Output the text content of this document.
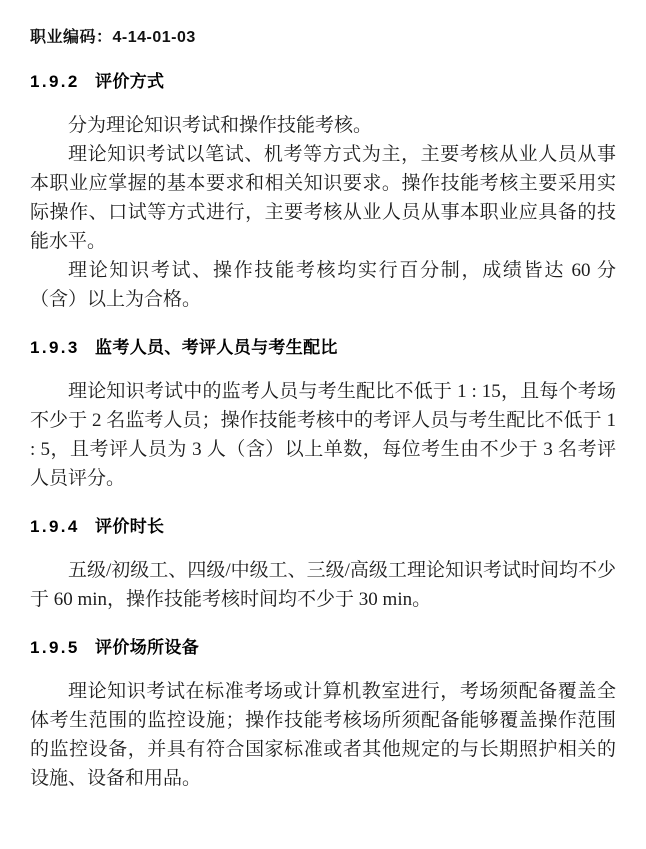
职业编码：4-14-01-03
1.9.2 评价方式

分为理论知识考试和操作技能考核。

理论知识考试以笔试、机考等方式为主，主要考核从业人员从事本职业应掌握的基本要求和相关知识要求。操作技能考核主要采用实际操作、口试等方式进行，主要考核从业人员从事本职业应具备的技能水平。

理论知识考试、操作技能考核均实行百分制，成绩皆达 60 分（含）以上为合格。

1.9.3 监考人员、考评人员与考生配比

理论知识考试中的监考人员与考生配比不低于 1 : 15，且每个考场不少于 2 名监考人员；操作技能考核中的考评人员与考生配比不低于 1 : 5，且考评人员为 3 人（含）以上单数，每位考生由不少于 3 名考评人员评分。

1.9.4 评价时长

五级/初级工、四级/中级工、三级/高级工理论知识考试时间均不少于 60 min，操作技能考核时间均不少于 30 min。

1.9.5 评价场所设备

理论知识考试在标准考场或计算机教室进行，考场须配备覆盖全体考生范围的监控设施；操作技能考核场所须配备能够覆盖操作范围的监控设备，并具有符合国家标准或者其他规定的与长期照护相关的设施、设备和用品。
